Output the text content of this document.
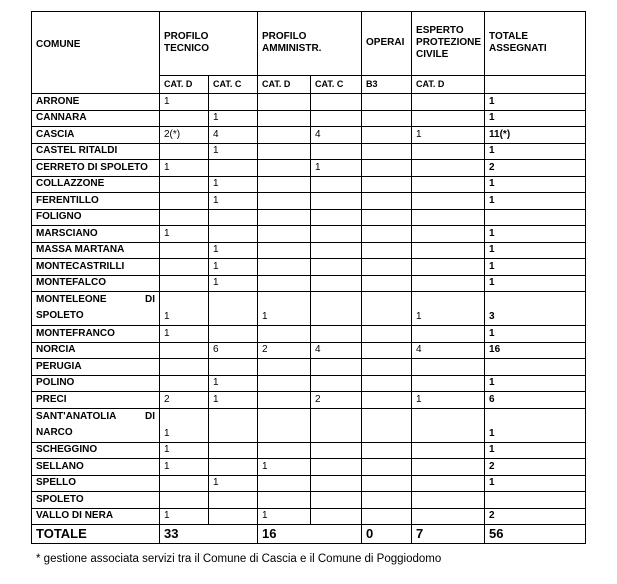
COMUNE	PROFILO TECNICO		PROFILO AMMINISTR.		OPERAI	ESPERTO PROTEZIONE CIVILE	TOTALE ASSEGNATI
	CAT. D	CAT. C	CAT. D	CAT. C	B3	CAT. D	
ARRONE	1						1
CANNARA		1					1
CASCIA	2(*)	4		4		1	11(*)
CASTEL RITALDI		1					1
CERRETO DI SPOLETO	1			1			2
COLLAZZONE		1					1
FERENTILLO		1					1
FOLIGNO							
MARSCIANO	1						1
MASSA MARTANA		1					1
MONTECASTRILLI		1					1
MONTEFALCO		1					1

MONTELEONE DI
SPOLETO	1		1			1	3
MONTEFRANCO	1						1
NORCIA		6	2	4		4	16
PERUGIA							
POLINO		1					1
PRECI	2	1		2		1	6

SANT'ANATOLIA DI
NARCO	1						1
SCHEGGINO	1						1
SELLANO	1		1				2
SPELLO		1					1
SPOLETO							
VALLO DI NERA	1		1				2
TOTALE	33		16		0	7	56
* gestione associata servizi tra il Comune di Cascia e il Comune di Poggiodomo
